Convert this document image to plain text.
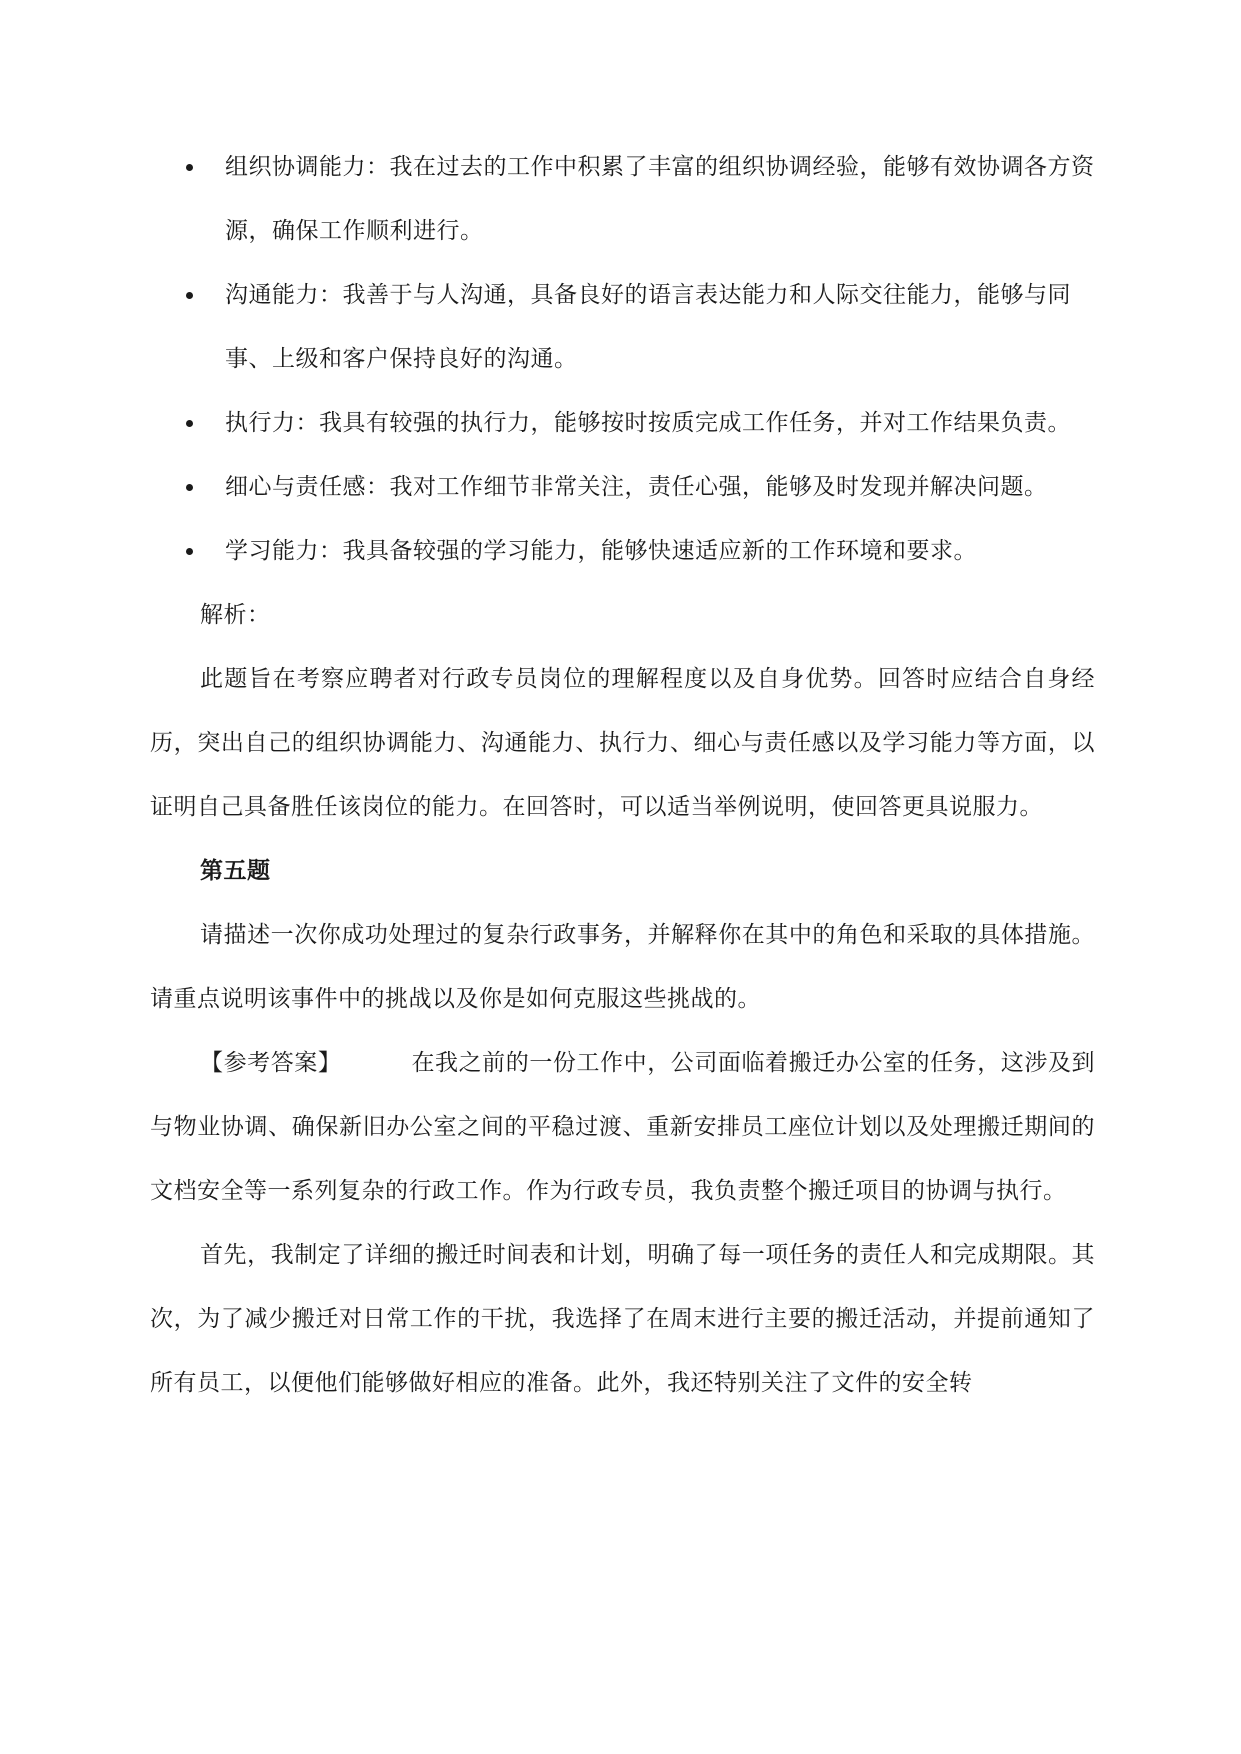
组织协调能力：我在过去的工作中积累了丰富的组织协调经验，能够有效协调各方资源，确保工作顺利进行。
沟通能力：我善于与人沟通，具备良好的语言表达能力和人际交往能力，能够与同事、上级和客户保持良好的沟通。
执行力：我具有较强的执行力，能够按时按质完成工作任务，并对工作结果负责。
细心与责任感：我对工作细节非常关注，责任心强，能够及时发现并解决问题。
学习能力：我具备较强的学习能力，能够快速适应新的工作环境和要求。

解析：

此题旨在考察应聘者对行政专员岗位的理解程度以及自身优势。回答时应结合自身经历，突出自己的组织协调能力、沟通能力、执行力、细心与责任感以及学习能力等方面，以证明自己具备胜任该岗位的能力。在回答时，可以适当举例说明，使回答更具说服力。

第五题

请描述一次你成功处理过的复杂行政事务，并解释你在其中的角色和采取的具体措施。请重点说明该事件中的挑战以及你是如何克服这些挑战的。

【参考答案】	在我之前的一份工作中，公司面临着搬迁办公室的任务，这涉及到与物业协调、确保新旧办公室之间的平稳过渡、重新安排员工座位计划以及处理搬迁期间的文档安全等一系列复杂的行政工作。作为行政专员，我负责整个搬迁项目的协调与执行。

首先，我制定了详细的搬迁时间表和计划，明确了每一项任务的责任人和完成期限。其次，为了减少搬迁对日常工作的干扰，我选择了在周末进行主要的搬迁活动，并提前通知了所有员工，以便他们能够做好相应的准备。此外，我还特别关注了文件的安全转
